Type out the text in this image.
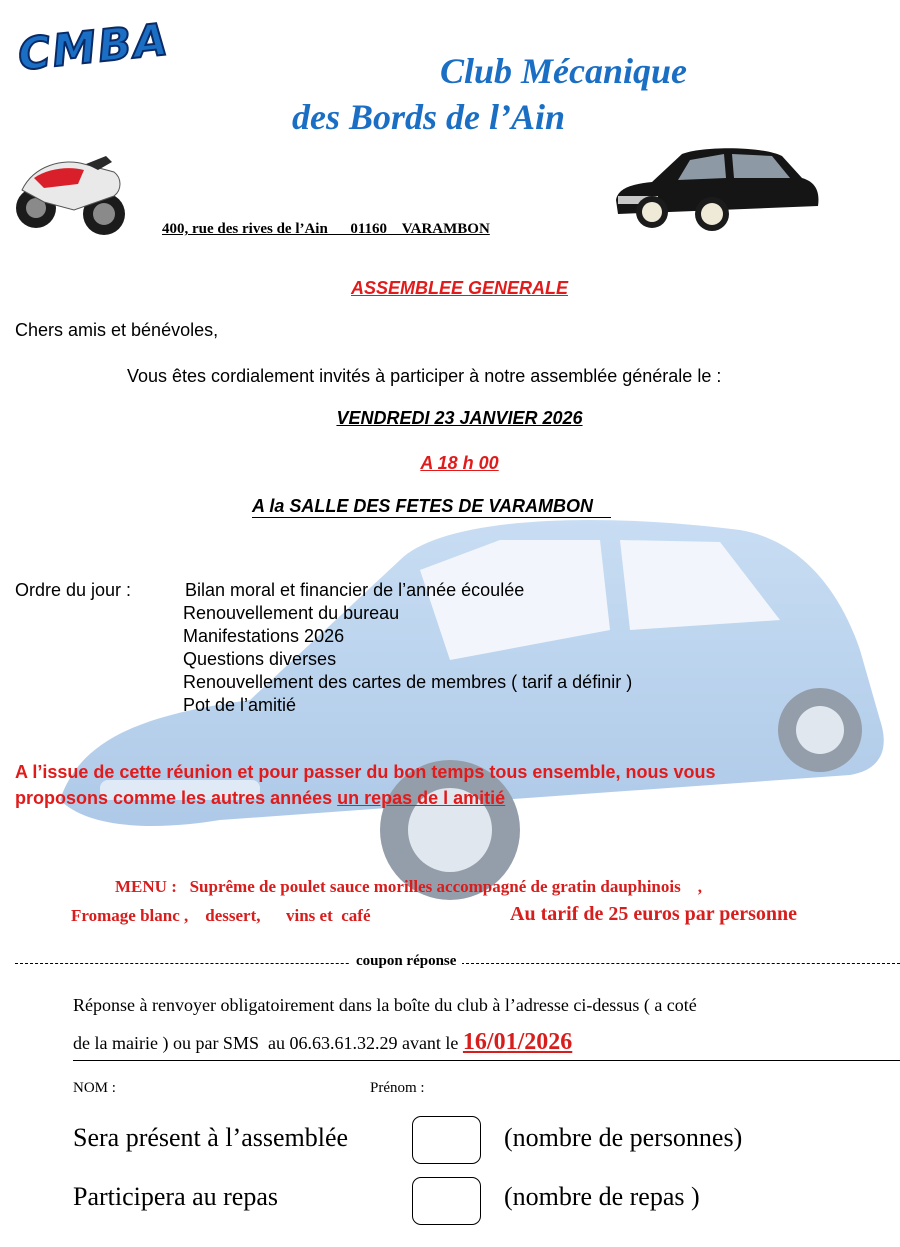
CMBA	Club Mécanique
des Bords de l’Ain
400, rue des rives de l’Ain      01160    VARAMBON
ASSEMBLEE GENERALE
Chers amis et bénévoles,
Vous êtes cordialement invités à participer à notre assemblée générale le :
VENDREDI 23 JANVIER 2026
A 18 h 00
A la SALLE DES FETES DE VARAMBON
Ordre du jour :	Bilan moral et financier de l’année écoulée
Renouvellement du bureau
Manifestations 2026
Questions diverses
Renouvellement des cartes de membres ( tarif a définir )
Pot de l’amitié
A l’issue de cette réunion et pour passer du bon temps tous ensemble, nous vous
proposons comme les autres années un repas de l amitié
MENU :   Suprême de poulet sauce morilles accompagné de gratin dauphinois    ,
Fromage blanc ,    dessert,      vins et  café	Au tarif de 25 euros par personne
coupon réponse
Réponse à renvoyer obligatoirement dans la boîte du club à l’adresse ci-dessus ( a coté
de la mairie ) ou par SMS  au 06.63.61.32.29 avant le 16/01/2026
NOM :	Prénom :
Sera présent à l’assemblée	(nombre de personnes)
Participera au repas	(nombre de repas )
